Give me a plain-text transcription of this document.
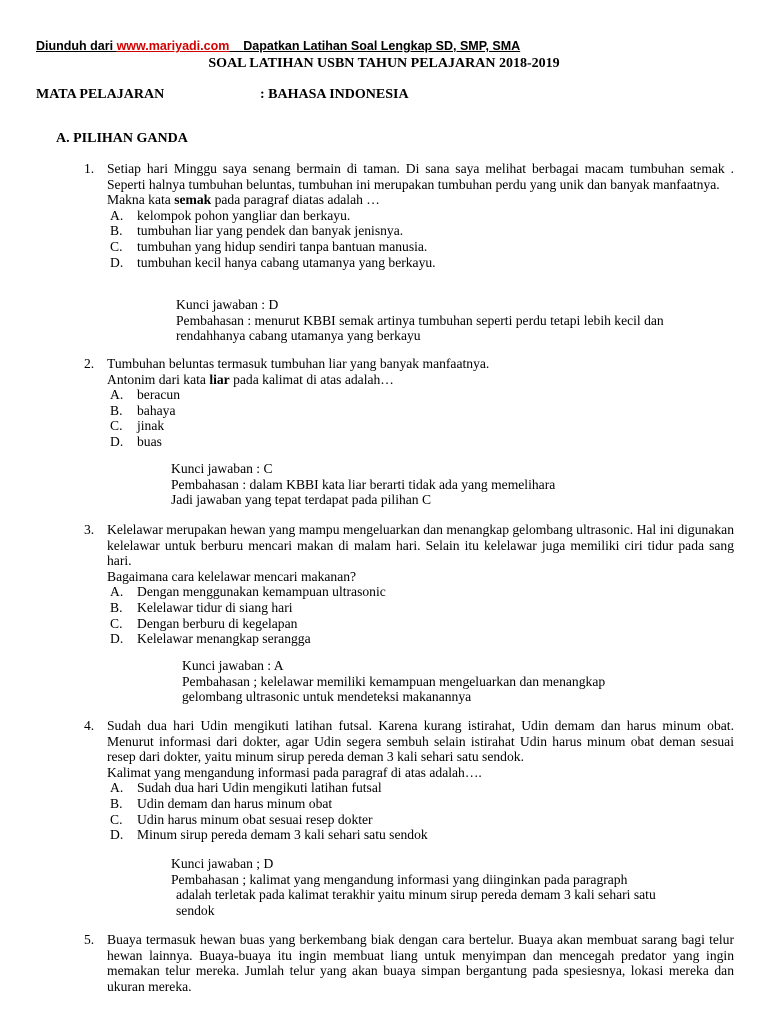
Diunduh dari www.mariyadi.com Dapatkan Latihan Soal Lengkap SD, SMP, SMA
SOAL LATIHAN USBN TAHUN PELAJARAN 2018-2019
MATA PELAJARAN	: BAHASA INDONESIA
A. PILIHAN GANDA
1. Setiap hari Minggu saya senang bermain di taman. Di sana saya melihat berbagai macam tumbuhan semak . Seperti halnya tumbuhan beluntas, tumbuhan ini merupakan tumbuhan perdu yang unik dan banyak manfaatnya.

Makna kata semak pada paragraf diatas adalah …

A. kelompok pohon yangliar dan berkayu.
B. tumbuhan liar yang pendek dan banyak jenisnya.
C. tumbuhan yang hidup sendiri tanpa bantuan manusia.
D. tumbuhan kecil hanya cabang utamanya yang berkayu.

Kunci jawaban : D

Pembahasan : menurut KBBI semak artinya tumbuhan seperti perdu tetapi lebih kecil dan

rendahhanya cabang utamanya yang berkayu

2. Tumbuhan beluntas termasuk tumbuhan liar yang banyak manfaatnya.

Antonim dari kata liar pada kalimat di atas adalah…

A. beracun
B. bahaya
C. jinak
D. buas

Kunci jawaban : C

Pembahasan : dalam KBBI kata liar berarti tidak ada yang memelihara

Jadi jawaban yang tepat terdapat pada pilihan C

3. Kelelawar merupakan hewan yang mampu mengeluarkan dan menangkap gelombang ultrasonic. Hal ini digunakan kelelawar untuk berburu mencari makan di malam hari. Selain itu kelelawar juga memiliki ciri tidur pada sang hari.

Bagaimana cara kelelawar mencari makanan?

A. Dengan menggunakan kemampuan ultrasonic
B. Kelelawar tidur di siang hari
C. Dengan berburu di kegelapan
D. Kelelawar menangkap serangga

Kunci jawaban : A

Pembahasan ; kelelawar memiliki kemampuan mengeluarkan dan menangkap

gelombang ultrasonic untuk mendeteksi makanannya

4. Sudah dua hari Udin mengikuti latihan futsal. Karena kurang istirahat, Udin demam dan harus minum obat. Menurut informasi dari dokter, agar Udin segera sembuh selain istirahat Udin harus minum obat deman sesuai resep dari dokter, yaitu minum sirup pereda deman 3 kali sehari satu sendok.

Kalimat yang mengandung informasi pada paragraf di atas adalah….

A. Sudah dua hari Udin mengikuti latihan futsal
B. Udin demam dan harus minum obat
C. Udin harus minum obat sesuai resep dokter
D. Minum sirup pereda demam 3 kali sehari satu sendok

Kunci jawaban ; D

Pembahasan ; kalimat yang mengandung informasi yang diinginkan pada paragraph

adalah terletak pada kalimat terakhir yaitu minum sirup pereda demam 3 kali sehari satu

sendok

5. Buaya termasuk hewan buas yang berkembang biak dengan cara bertelur. Buaya akan membuat sarang bagi telur hewan lainnya. Buaya-buaya itu ingin membuat liang untuk menyimpan dan mencegah predator yang ingin memakan telur mereka. Jumlah telur yang akan buaya simpan bergantung pada spesiesnya, lokasi mereka dan ukuran mereka.
